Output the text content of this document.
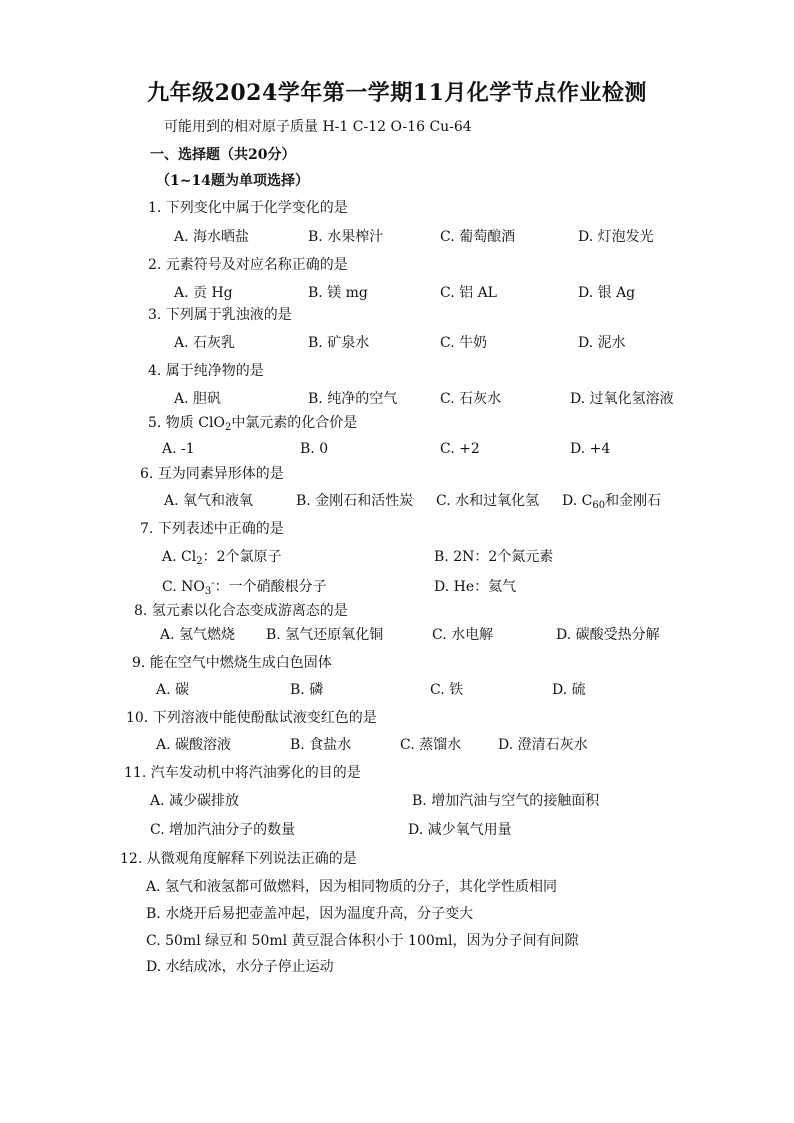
九年级2024学年第一学期11月化学节点作业检测
可能用到的相对原子质量 H-1 C-12 O-16 Cu-64
一、选择题（共20分）
（1~14题为单项选择）
1. 下列变化中属于化学变化的是
A. 海水晒盐	B. 水果榨汁	C. 葡萄酿酒	D. 灯泡发光
2. 元素符号及对应名称正确的是
A. 贡 Hg	B. 镁 mg	C. 铝 AL	D. 银 Ag
3. 下列属于乳浊液的是
A. 石灰乳	B. 矿泉水	C. 牛奶	D. 泥水
4. 属于纯净物的是
A. 胆矾	B. 纯净的空气	C. 石灰水	D. 过氧化氢溶液
5. 物质 ClO$_2$中氯元素的化合价是
A. -1	B. 0	C. +2	D. +4
6. 互为同素异形体的是
A. 氧气和液氧	B. 金刚石和活性炭 C. 水和过氧化氢 D. $C_{60}$和金刚石
7. 下列表述中正确的是
A. $Cl_2$：2个氯原子	B. 2N：2个氮元素
C. $NO_3^-$：一个硝酸根分子	D. He：氦气
8. 氢元素以化合态变成游离态的是
A. 氢气燃烧 B. 氢气还原氧化铜	C. 水电解	D. 碳酸受热分解
9. 能在空气中燃烧生成白色固体
A. 碳	B. 磷	C. 铁	D. 硫
10. 下列溶液中能使酚酞试液变红色的是
A. 碳酸溶液	B. 食盐水	C. 蒸馏水	D. 澄清石灰水
11. 汽车发动机中将汽油雾化的目的是
A. 减少碳排放	B. 增加汽油与空气的接触面积
C. 增加汽油分子的数量	D. 减少氧气用量
12. 从微观角度解释下列说法正确的是
A. 氢气和液氢都可做燃料，因为相同物质的分子，其化学性质相同
B. 水烧开后易把壶盖冲起，因为温度升高，分子变大
C. 50ml 绿豆和 50ml 黄豆混合体积小于 100ml，因为分子间有间隙
D. 水结成冰，水分子停止运动
